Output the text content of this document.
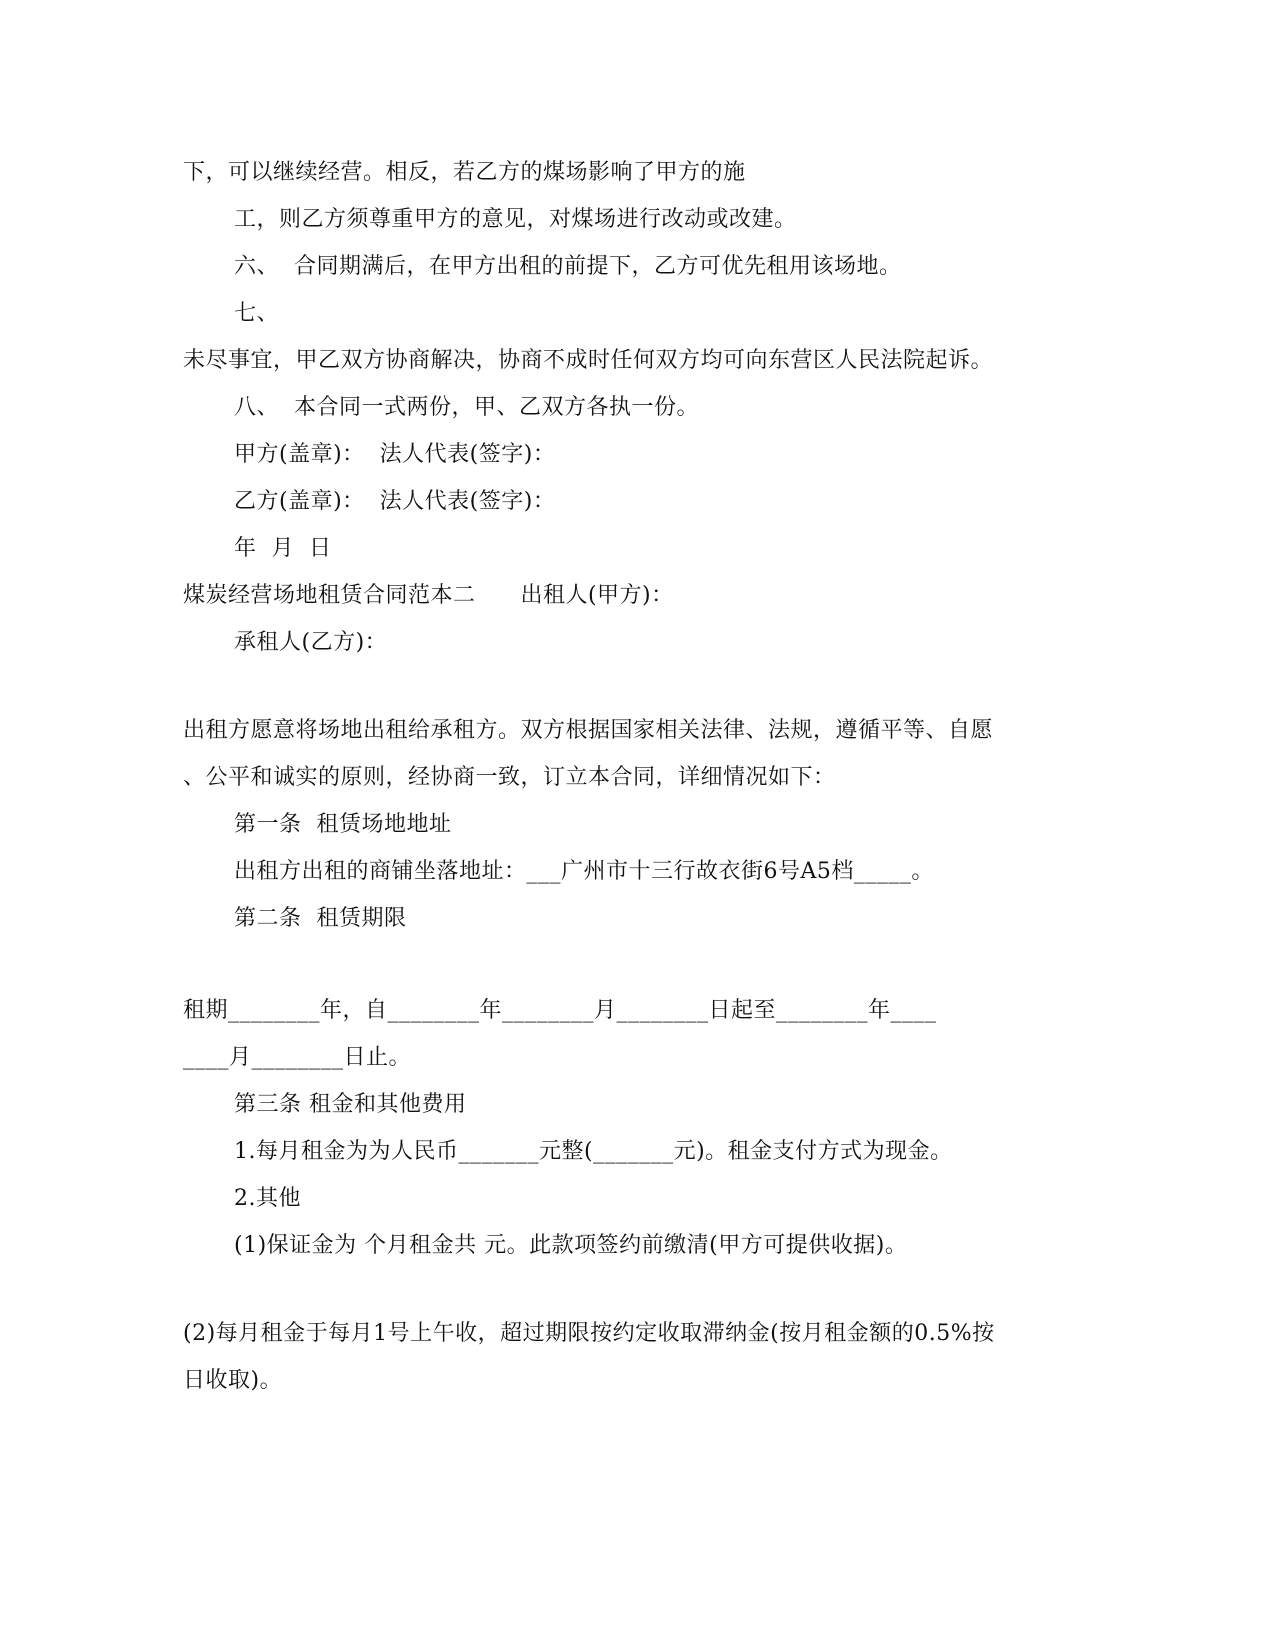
下，可以继续经营。相反，若乙方的煤场影响了甲方的施
工，则乙方须尊重甲方的意见，对煤场进行改动或改建。
六、  合同期满后，在甲方出租的前提下，乙方可优先租用该场地。
七、
未尽事宜，甲乙双方协商解决，协商不成时任何双方均可向东营区人民法院起诉。
八、  本合同一式两份，甲、乙双方各执一份。
甲方(盖章)：  法人代表(签字)：
乙方(盖章)：  法人代表(签字)：
年  月  日
煤炭经营场地租赁合同范本二      出租人(甲方)：
承租人(乙方)：
出租方愿意将场地出租给承租方。双方根据国家相关法律、法规，遵循平等、自愿
、公平和诚实的原则，经协商一致，订立本合同，详细情况如下：
第一条  租赁场地地址
出租方出租的商铺坐落地址：___广州市十三行故衣街6号A5档_____。
第二条  租赁期限
租期________年，自________年________月________日起至________年____
____月________日止。
第三条 租金和其他费用
1.每月租金为为人民币_______元整(_______元)。租金支付方式为现金。
2.其他
(1)保证金为 个月租金共 元。此款项签约前缴清(甲方可提供收据)。
(2)每月租金于每月1号上午收，超过期限按约定收取滞纳金(按月租金额的0.5%按
日收取)。
